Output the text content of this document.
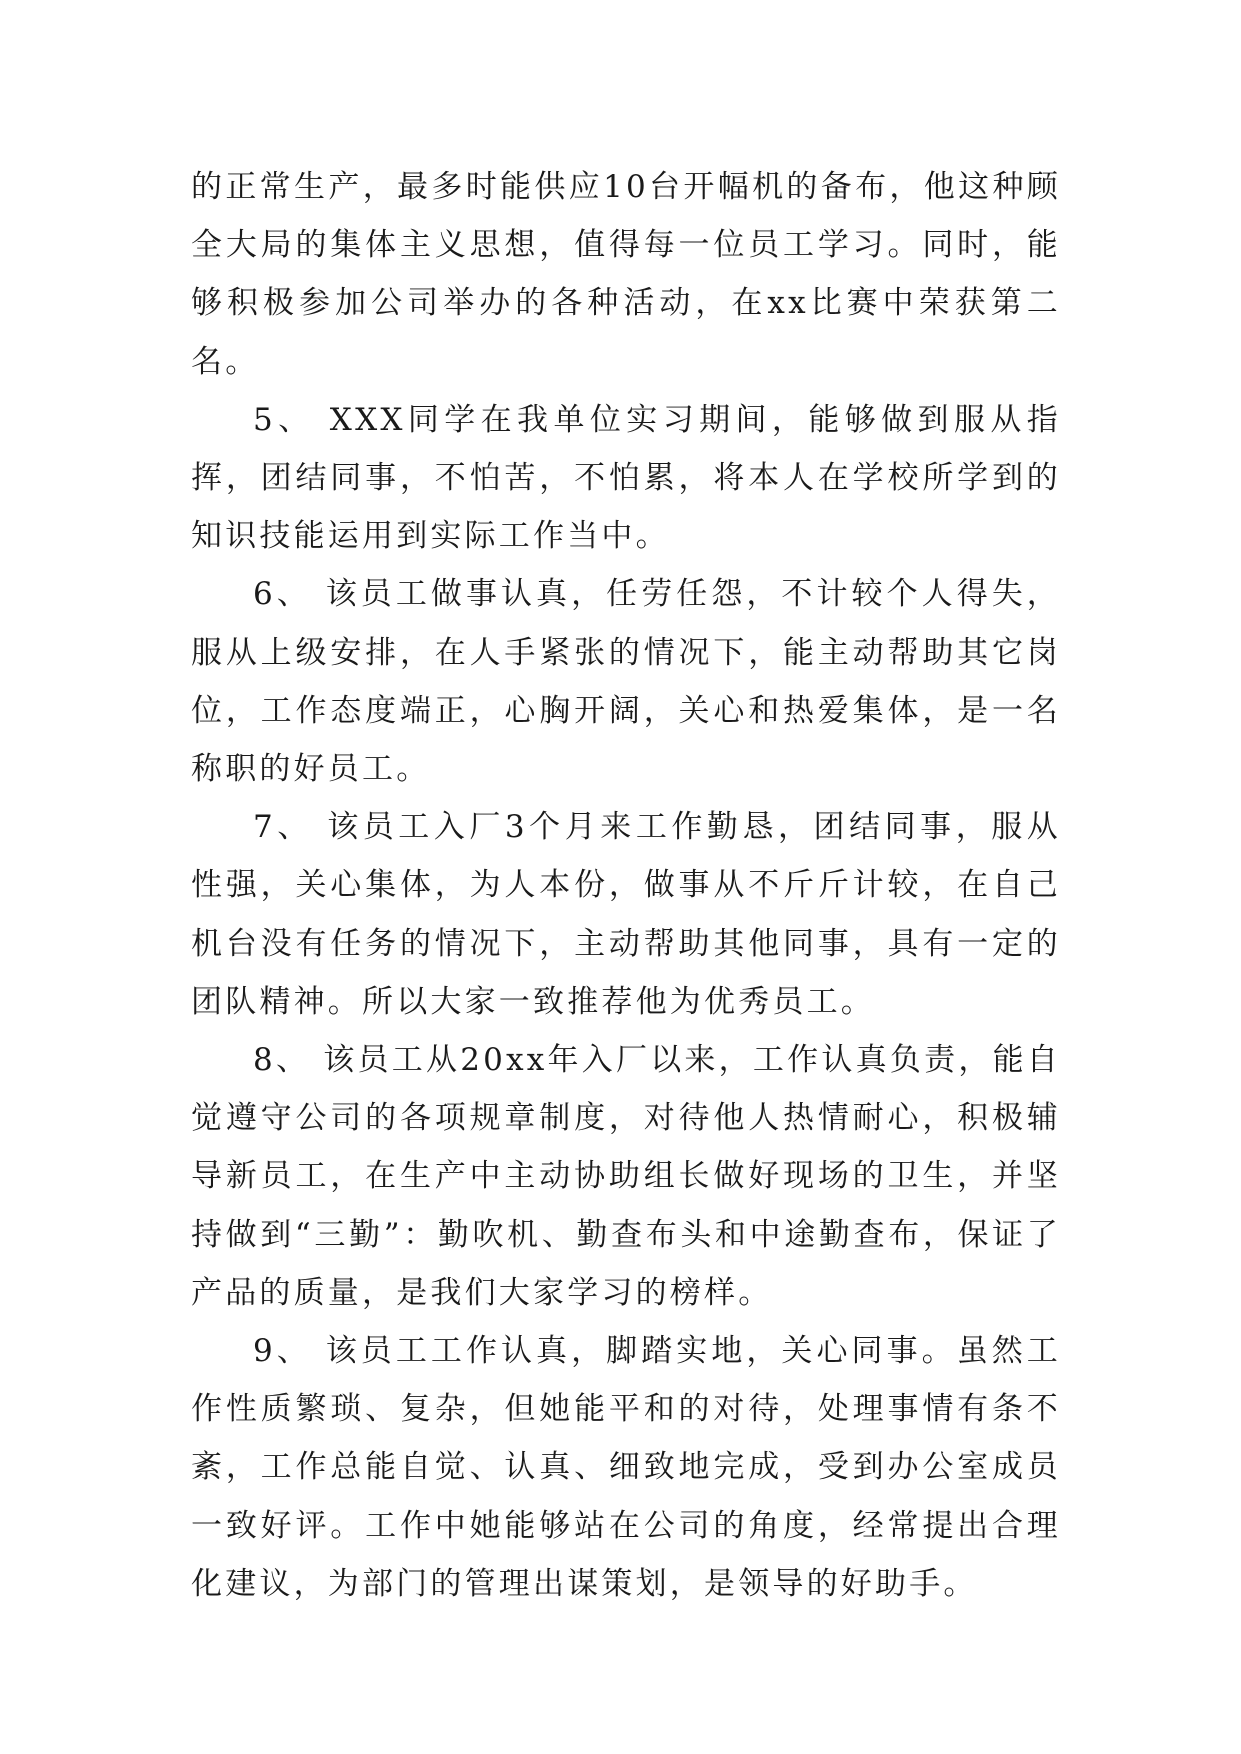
的正常生产，最多时能供应10台开幅机的备布，他这种顾全大局的集体主义思想，值得每一位员工学习。同时，能够积极参加公司举办的各种活动，在xx比赛中荣获第二名。

5、 XXX同学在我单位实习期间，能够做到服从指挥，团结同事，不怕苦，不怕累，将本人在学校所学到的知识技能运用到实际工作当中。

6、 该员工做事认真，任劳任怨，不计较个人得失，服从上级安排，在人手紧张的情况下，能主动帮助其它岗位，工作态度端正，心胸开阔，关心和热爱集体，是一名称职的好员工。

7、 该员工入厂3个月来工作勤恳，团结同事，服从性强，关心集体，为人本份，做事从不斤斤计较，在自己机台没有任务的情况下，主动帮助其他同事，具有一定的团队精神。所以大家一致推荐他为优秀员工。

8、 该员工从20xx年入厂以来，工作认真负责，能自觉遵守公司的各项规章制度，对待他人热情耐心，积极辅导新员工，在生产中主动协助组长做好现场的卫生，并坚持做到“三勤”：勤吹机、勤查布头和中途勤查布，保证了产品的质量，是我们大家学习的榜样。

9、 该员工工作认真，脚踏实地，关心同事。虽然工作性质繁琐、复杂，但她能平和的对待，处理事情有条不紊，工作总能自觉、认真、细致地完成，受到办公室成员一致好评。工作中她能够站在公司的角度，经常提出合理化建议，为部门的管理出谋策划，是领导的好助手。
